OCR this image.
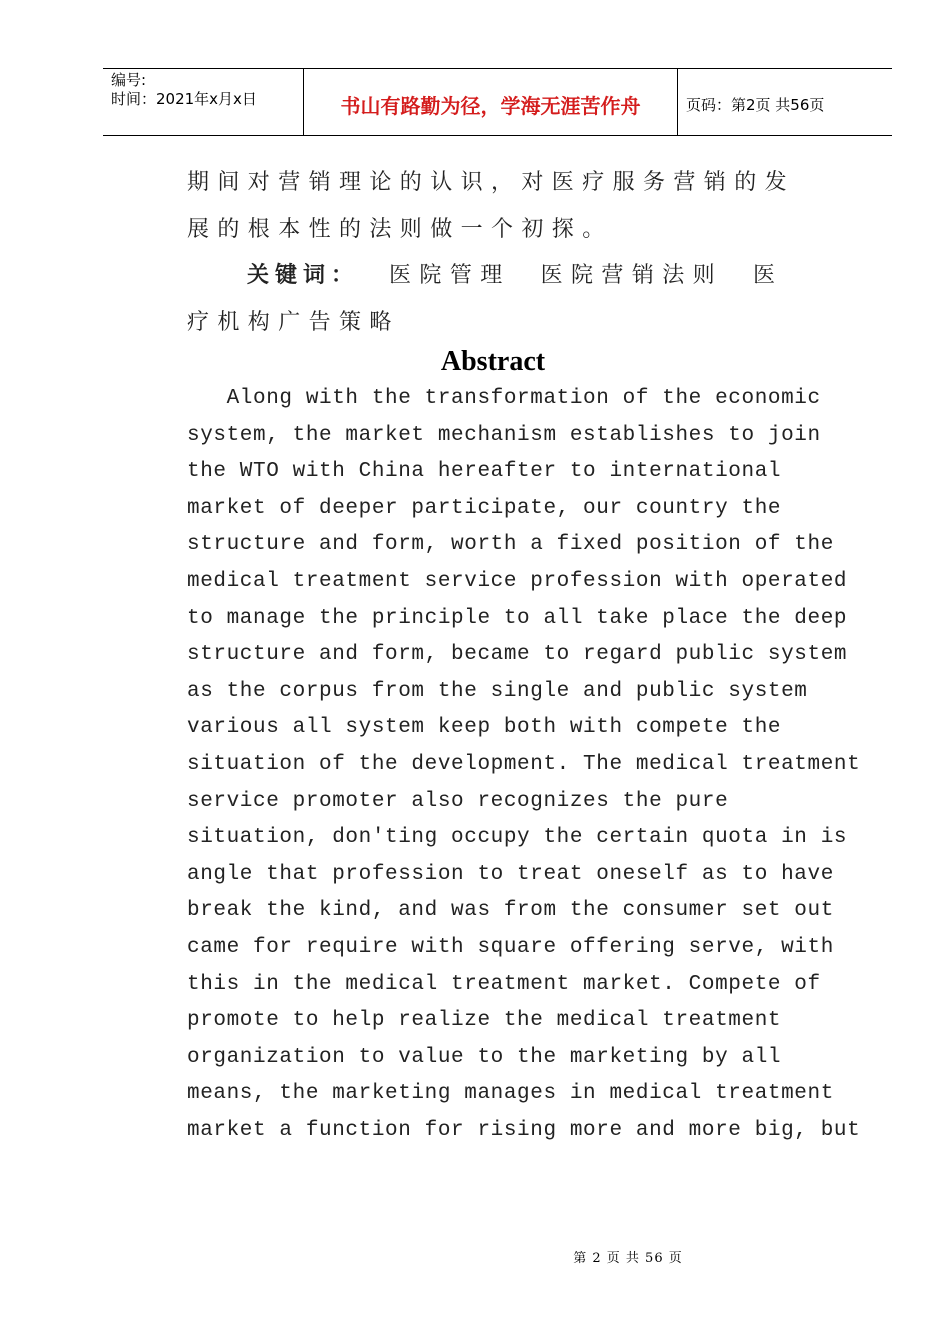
编号:
时间：2021年x月x日	书山有路勤为径，学海无涯苦作舟	页码：第2页 共56页
期间对营销理论的认识，对医疗服务营销的发
展的根本性的法则做一个初探。
关键词： 医院管理 医院营销法则 医
疗机构广告策略
Abstract
Along with the transformation of the economic
system, the market mechanism establishes to join
the WTO with China hereafter to international
market of deeper participate, our country the
structure and form, worth a fixed position of the
medical treatment service profession with operated
to manage the principle to all take place the deep
structure and form, became to regard public system
as the corpus from the single and public system
various all system keep both with compete the
situation of the development. The medical treatment
service promoter also recognizes the pure
situation, don'ting occupy the certain quota in is
angle that profession to treat oneself as to have
break the kind, and was from the consumer set out
came for require with square offering serve, with
this in the medical treatment market. Compete of
promote to help realize the medical treatment
organization to value to the marketing by all
means, the marketing manages in medical treatment
market a function for rising more and more big, but
第 2 页 共 56 页
